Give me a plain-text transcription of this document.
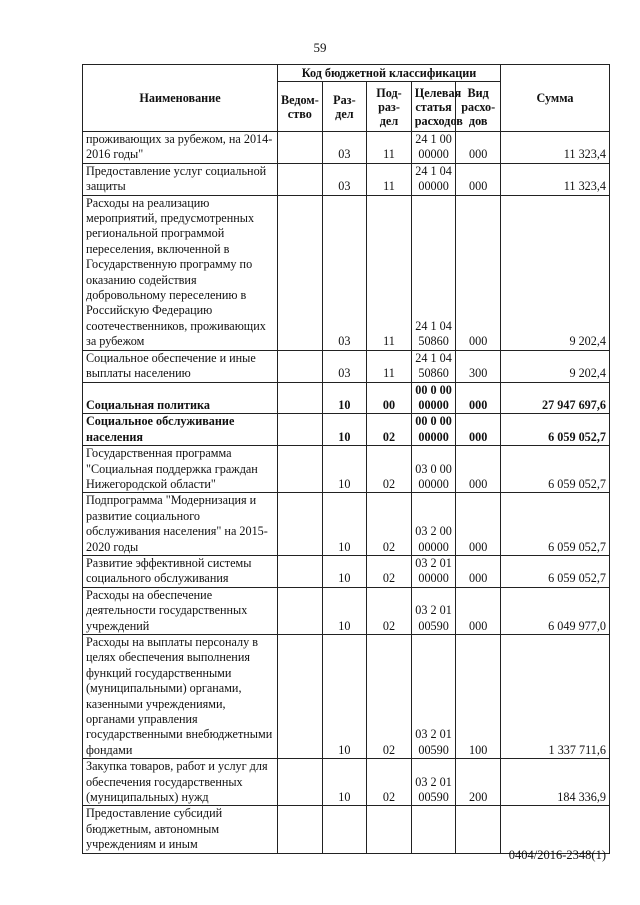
59
Наименование	Код бюджетной классификации					Сумма
	Ведом-ство	Раз-дел	Под-раз-дел	Целевая статья расходов	Вид расхо-дов	
проживающих за рубежом, на 2014-2016 годы"		03	11	24 1 00 00000	000	11 323,4
Предоставление услуг социальной защиты		03	11	24 1 04 00000	000	11 323,4
Расходы на реализацию мероприятий, предусмотренных региональной программой переселения, включенной в Государственную программу по оказанию содействия добровольному переселению в Российскую Федерацию соотечественников, проживающих за рубежом		03	11	24 1 04 50860	000	9 202,4
Социальное обеспечение и иные выплаты населению		03	11	24 1 04 50860	300	9 202,4
Социальная политика		10	00	00 0 00 00000	000	27 947 697,6
Социальное обслуживание населения		10	02	00 0 00 00000	000	6 059 052,7
Государственная программа "Социальная поддержка граждан Нижегородской области"		10	02	03 0 00 00000	000	6 059 052,7
Подпрограмма "Модернизация и развитие социального обслуживания населения" на 2015-2020 годы		10	02	03 2 00 00000	000	6 059 052,7
Развитие эффективной системы социального обслуживания		10	02	03 2 01 00000	000	6 059 052,7
Расходы на обеспечение деятельности государственных учреждений		10	02	03 2 01 00590	000	6 049 977,0
Расходы на выплаты персоналу в целях обеспечения выполнения функций государственными (муниципальными) органами, казенными учреждениями, органами управления государственными внебюджетными фондами		10	02	03 2 01 00590	100	1 337 711,6
Закупка товаров, работ и услуг для обеспечения государственных (муниципальных) нужд		10	02	03 2 01 00590	200	184 336,9
Предоставление субсидий бюджетным, автономным учреждениям и иным						
0404/2016-2348(1)
